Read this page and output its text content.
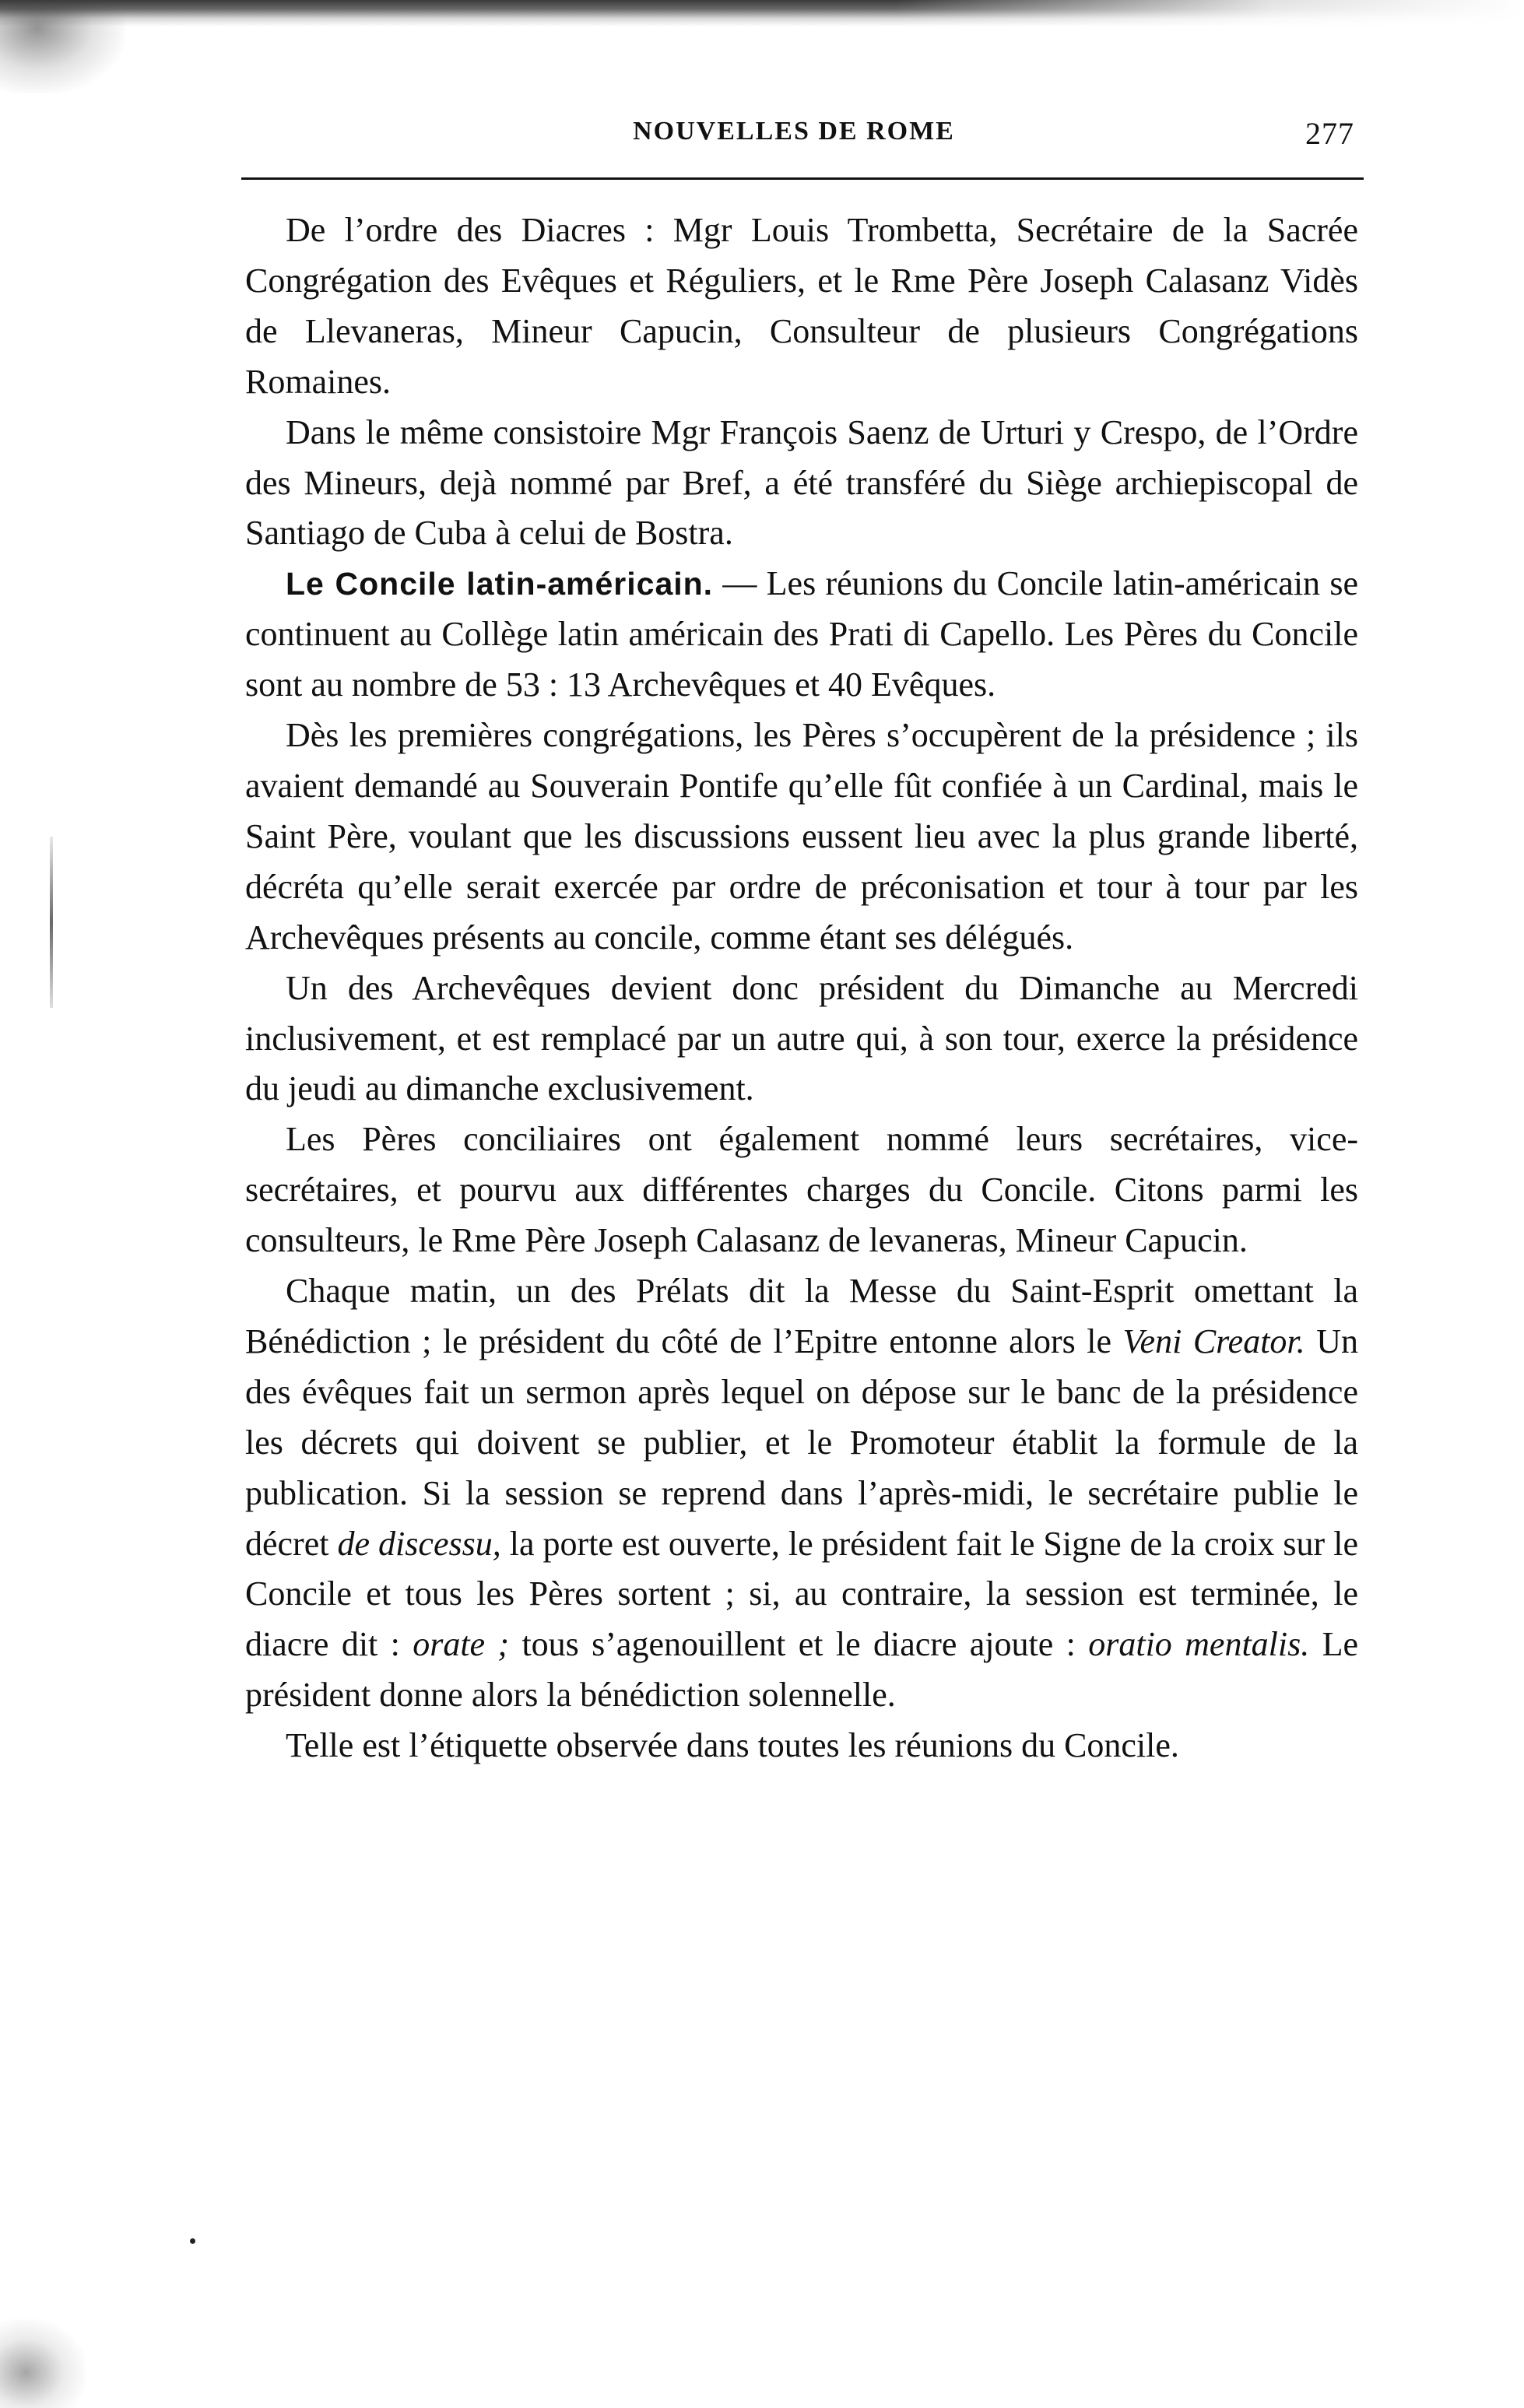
NOUVELLES DE ROME	277

De l’ordre des Diacres : Mgr Louis Trombetta, Secrétaire de la Sacrée Congrégation des Evêques et Réguliers, et le Rme Père Joseph Calasanz Vidès de Llevaneras, Mineur Capucin, Consulteur de plusieurs Congrégations Romaines.

Dans le même consistoire Mgr François Saenz de Urturi y Crespo, de l’Ordre des Mineurs, dejà nommé par Bref, a été transféré du Siège archiepiscopal de Santiago de Cuba à celui de Bostra.

Le Concile latin-américain. — Les réunions du Concile latin-américain se continuent au Collège latin américain des Prati di Capello. Les Pères du Concile sont au nombre de 53 : 13 Archevêques et 40 Evêques.

Dès les premières congrégations, les Pères s’occupèrent de la présidence ; ils avaient demandé au Souverain Pontife qu’elle fût confiée à un Cardinal, mais le Saint Père, voulant que les discussions eussent lieu avec la plus grande liberté, décréta qu’elle serait exercée par ordre de préconisation et tour à tour par les Archevêques présents au concile, comme étant ses délégués.

Un des Archevêques devient donc président du Dimanche au Mercredi inclusivement, et est remplacé par un autre qui, à son tour, exerce la présidence du jeudi au dimanche exclusivement.

Les Pères conciliaires ont également nommé leurs secrétaires, vice-secrétaires, et pourvu aux différentes charges du Concile. Citons parmi les consulteurs, le Rme Père Joseph Calasanz de levaneras, Mineur Capucin.

Chaque matin, un des Prélats dit la Messe du Saint-Esprit omettant la Bénédiction ; le président du côté de l’Epitre entonne alors le Veni Creator. Un des évêques fait un sermon après lequel on dépose sur le banc de la présidence les décrets qui doivent se publier, et le Promoteur établit la formule de la publication. Si la session se reprend dans l’après-midi, le secrétaire publie le décret de discessu, la porte est ouverte, le président fait le Signe de la croix sur le Concile et tous les Pères sortent ; si, au contraire, la session est terminée, le diacre dit : orate ; tous s’agenouillent et le diacre ajoute : oratio mentalis. Le président donne alors la bénédiction solennelle.

Telle est l’étiquette observée dans toutes les réunions du Concile.
